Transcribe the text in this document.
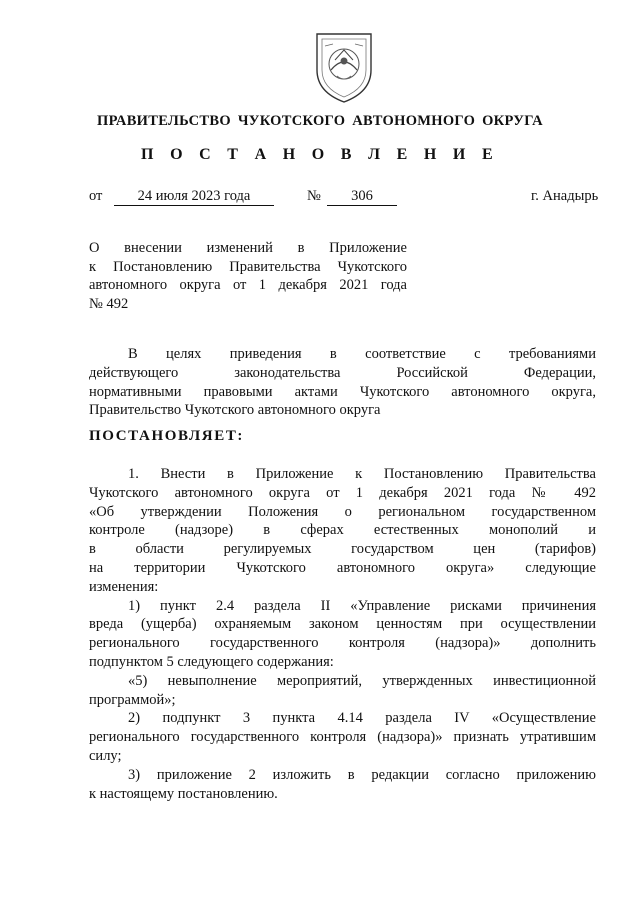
ПРАВИТЕЛЬСТВО ЧУКОТСКОГО АВТОНОМНОГО ОКРУГА
П О С Т А Н О В Л Е Н И Е
от	24 июля 2023 года	№	306	г. Анадырь
О внесении изменений в Приложение
к Постановлению Правительства Чукотского
автономного округа от 1 декабря 2021 года
№ 492
В целях приведения в соответствие с требованиями
действующего законодательства Российской Федерации,
нормативными правовыми актами Чукотского автономного округа,
Правительство Чукотского автономного округа
ПОСТАНОВЛЯЕТ:
1. Внести в Приложение к Постановлению Правительства
Чукотского автономного округа от 1 декабря 2021 года № 492
«Об утверждении Положения о региональном государственном
контроле (надзоре) в сферах естественных монополий и
в области регулируемых государством цен (тарифов)
на территории Чукотского автономного округа» следующие
изменения:
1) пункт 2.4 раздела II «Управление рисками причинения
вреда (ущерба) охраняемым законом ценностям при осуществлении
регионального государственного контроля (надзора)» дополнить
подпунктом 5 следующего содержания:
«5) невыполнение мероприятий, утвержденных инвестиционной
программой»;
2) подпункт 3 пункта 4.14 раздела IV «Осуществление
регионального государственного контроля (надзора)» признать утратившим
силу;
3) приложение 2 изложить в редакции согласно приложению
к настоящему постановлению.
